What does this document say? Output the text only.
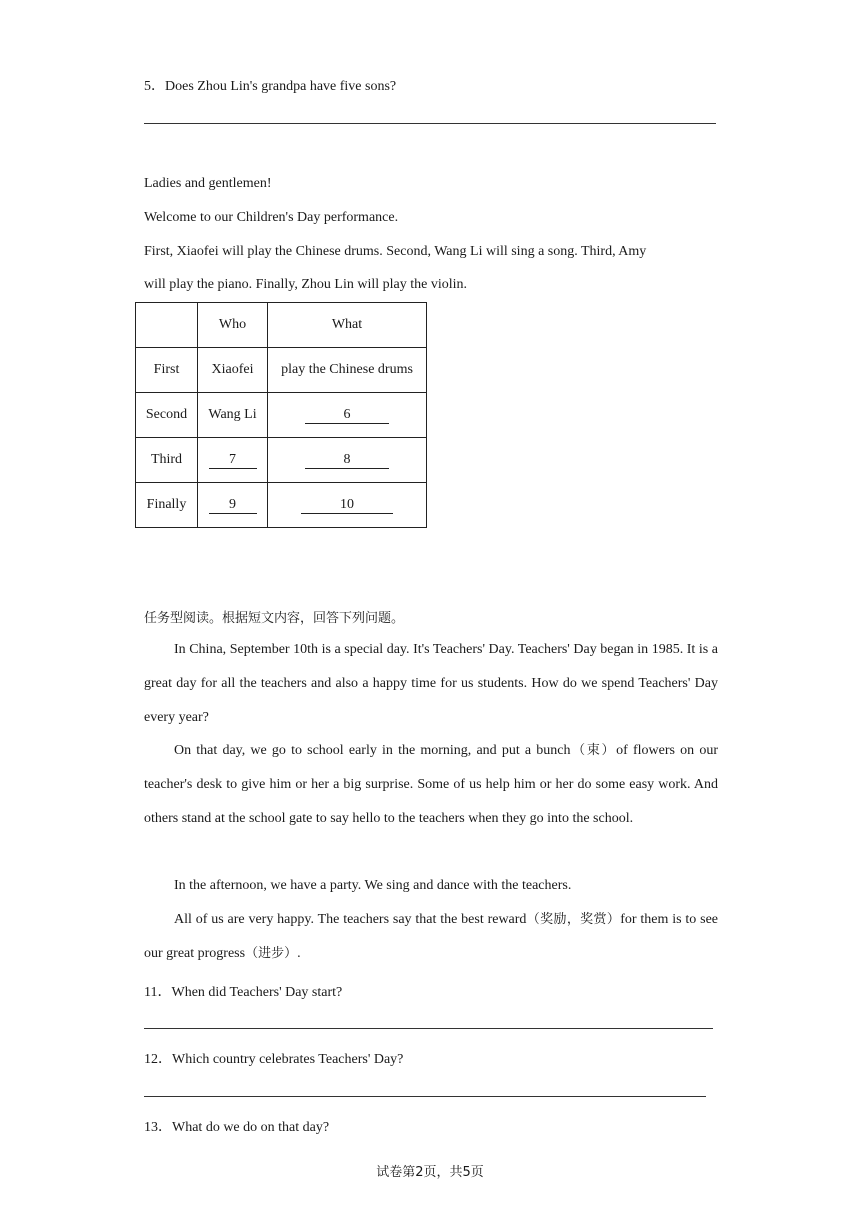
5．Does Zhou Lin's grandpa have five sons?
Ladies and gentlemen!
Welcome to our Children's Day performance.
First, Xiaofei will play the Chinese drums. Second, Wang Li will sing a song. Third, Amy
will play the piano. Finally, Zhou Lin will play the violin.
	Who	What
First	Xiaofei	play the Chinese drums
Second	Wang Li	6
Third	7	8
Finally	9	10
任务型阅读。根据短文内容，回答下列问题。
In China, September 10th is a special day. It's Teachers' Day. Teachers' Day began in 1985. It is a great day for all the teachers and also a happy time for us students. How do we spend Teachers' Day every year?
On that day, we go to school early in the morning, and put a bunch（束）of flowers on our teacher's desk to give him or her a big surprise. Some of us help him or her do some easy work. And others stand at the school gate to say hello to the teachers when they go into the school.
In the afternoon, we have a party. We sing and dance with the teachers.
All of us are very happy. The teachers say that the best reward（奖励，奖赏）for them is to see our great progress（进步）.
11．When did Teachers' Day start?
12．Which country celebrates Teachers' Day?
13．What do we do on that day?
试卷第2页，共5页
